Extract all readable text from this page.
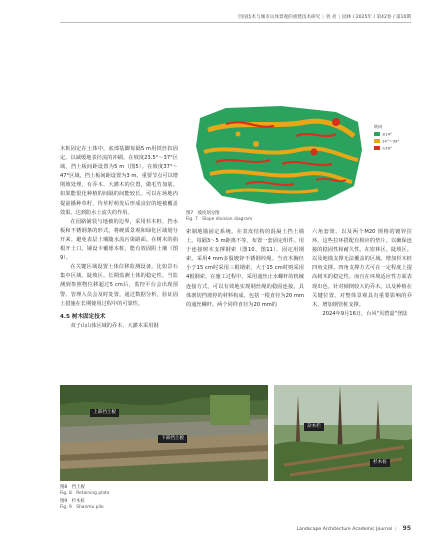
空间技术与城市山体景观的重建技术研究 | 曾 亮 | 园林 / 2025年 / 第42卷 / 第10期
坡向
≤14°
14°～39°
>39°
图7　坡度划分图
Fig. 7　Slope division diagram

木桩固定在土体中，底部基脚每隔5 m用铁丝扣固定。以减缓地表径流的冲刷。在坡度23.5°～37°区域，挡土板间距设置为5 m（图5）。在坡度37°～47°区域，挡土板间距设置为3 m。重要节点可以增削坡处理。有乔木、大灌木的位置，做毛竹加筋。如果能很化种植的间隔的间能较长。可以在场地内提前播种草籽，待草籽萌发后形成良好的地被覆盖效果。达到防水土流失的作用。

在园路铺装与地被的边界，采用杉木桩、挡水板和不锈钢条的形式。将硬质景观和绿化区域划分开来。避免表层土壤随水流污染路面。在树木的曲根开土口。铺设卡覆球木桩。能有效固阻土壤（图9）。

在关键区域设置土体位移监测设备。比如景石集中区域、陡坡区。长期监测土体的稳定性。当监测到参照物位移超过5 cm后，监控平台会出现预警。管理人员会及时处置。通过数据分析，验证固土措施在长期使用过程中的可靠性。

4.5 树木固定技术

双子山山体区域的乔木、大灌木采用钢

索制地锚固定系统。在表皮结构的混凝土挡土墙上。每隔3～5 m距离不等。布置一套固定组件。用于连接树木支撑钢索（图10、图11）。固定用钢索。采用4 mm多股镀锌不锈钢绞绳。当直木胸径小于15 cm时采用三根钢索。大于15 cm时则采用4根钢索。在施工过程中。采用通丝止水螺杆的机械连接方式。可以有效地实现钢丝绳的稳固连接。具体剖切挡坡停的材料构成。包括一根直径为20 mm的通丝螺杆。两个同样直径为20 mm的

六角套筒。以及两个M20 规格的镀锌拉环。这些拉环搭配有相应的垫片。以确保连接的稳固性和耐久性。在密林区。陡坡区。以及地锚支撑无法覆盖的区域。增加杉木桩四角支撑。四角支撑方式可在一定程度上提高树木的稳定性。而且在环境适应性方面表现出色。针对倾倒较大的乔木。以及种植在关键位置。对整体景观具有重要影响的乔木。增加钢管桩支撑。

2024年9月16日，台风"贝碧嘉"登陆

上部挡土板
下部挡土板
杂木栏
杉木桩
图8　挡土板
Fig. 8　Retaining plate
图9　杉木桩
Fig. 9　Shanmu pile
Landscape Architecture Academic Journal | 95
